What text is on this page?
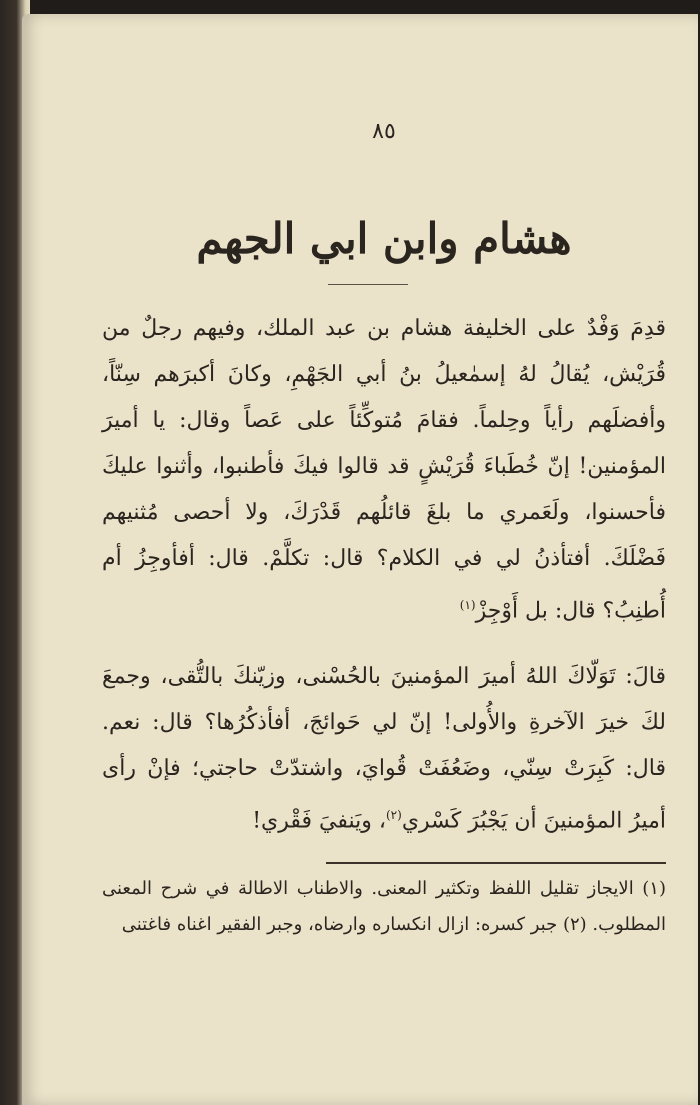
٨٥
هشام وابن ابي الجهم

قدِمَ وَفْدٌ على الخليفة هشام بن عبد الملك، وفيهم رجلٌ من قُرَيْش، يُقالُ لهُ إسمٰعيلُ بنُ أبي الجَهْمِ، وكانَ أكبرَهم سِنّاً، وأفضلَهم رأياً وحِلماً. فقامَ مُتوكِّئاً على عَصاً وقال: يا أميرَ المؤمنين! إنّ خُطَباءَ قُرَيْشٍ قد قالوا فيكَ فأطنبوا، وأثنوا عليكَ فأحسنوا، ولَعَمري ما بلغَ قائلُهم قَدْرَكَ، ولا أحصى مُثنيهم فَضْلَكَ. أفتأذنُ لي في الكلام؟ قال: تكلَّمْ. قال: أفأوجِزُ أم أُطنِبُ؟ قال: بل أَوْجِزْ$^{(١)}$

قالَ: تَوَلّاكَ اللهُ أميرَ المؤمنينَ بالحُسْنى، وزيّنكَ بالتُّقى، وجمعَ لكَ خيرَ الآخرةِ والأُولى! إنّ لي حَوائجَ، أفأذكُرُها؟ قال: نعم. قال: كَبِرَتْ سِنّي، وضَعُفَتْ قُوايَ، واشتدّتْ حاجتي؛ فإنْ رأى أميرُ المؤمنينَ أن يَجْبُرَ كَسْري$^{(٢)}$، ويَنفيَ فَقْري!

(١) الايجاز تقليل اللفظ وتكثير المعنى. والاطناب الاطالة في شرح المعنى المطلوب. (٢) جبر كسره: ازال انكساره وارضاه، وجبر الفقير اغناه فاغتنى
